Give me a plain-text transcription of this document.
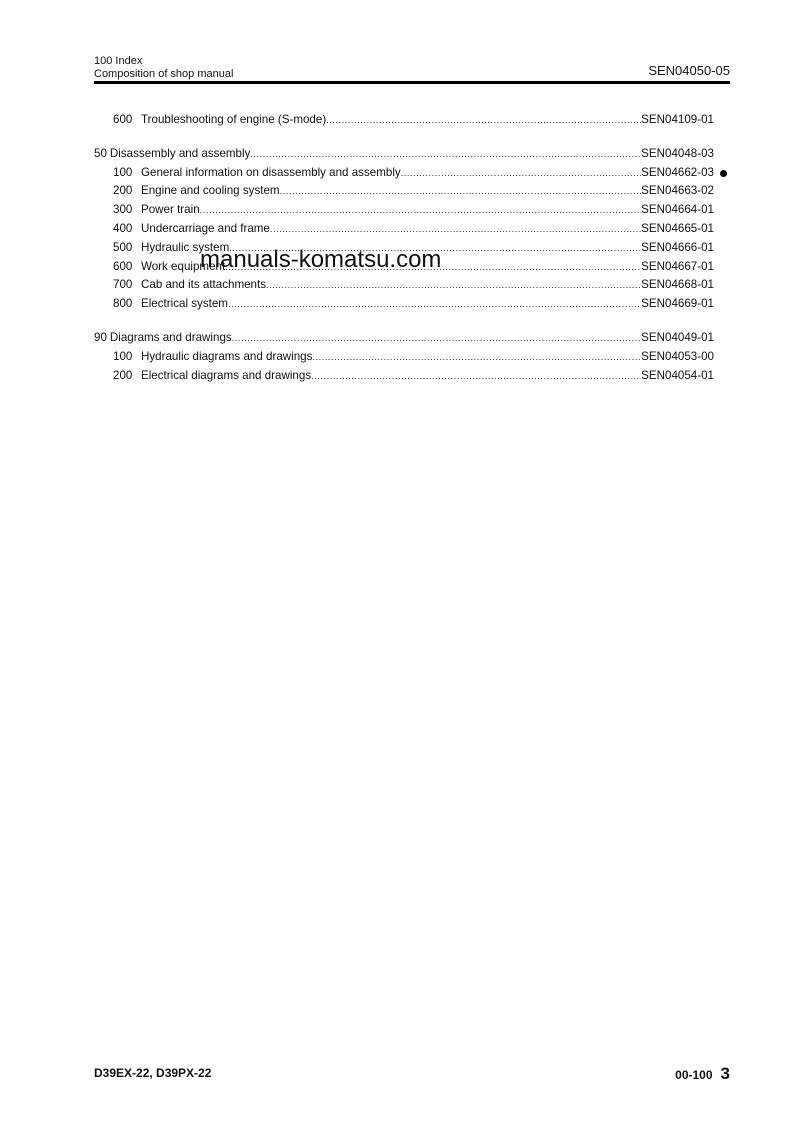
100 Index
Composition of shop manual	SEN04050-05
600 Troubleshooting of engine (S-mode) .....	SEN04109-01
50 Disassembly and assembly .....	SEN04048-03
100 General information on disassembly and assembly .....	SEN04662-03
200 Engine and cooling system .....	SEN04663-02
300 Power train .....	SEN04664-01
400 Undercarriage and frame .....	SEN04665-01
500 Hydraulic system .....	SEN04666-01
600 Work equipment .....	SEN04667-01
700 Cab and its attachments .....	SEN04668-01
800 Electrical system .....	SEN04669-01
90 Diagrams and drawings .....	SEN04049-01
100 Hydraulic diagrams and drawings .....	SEN04053-00
200 Electrical diagrams and drawings .....	SEN04054-01
manuals-komatsu.com
D39EX-22, D39PX-22	00-100 3
